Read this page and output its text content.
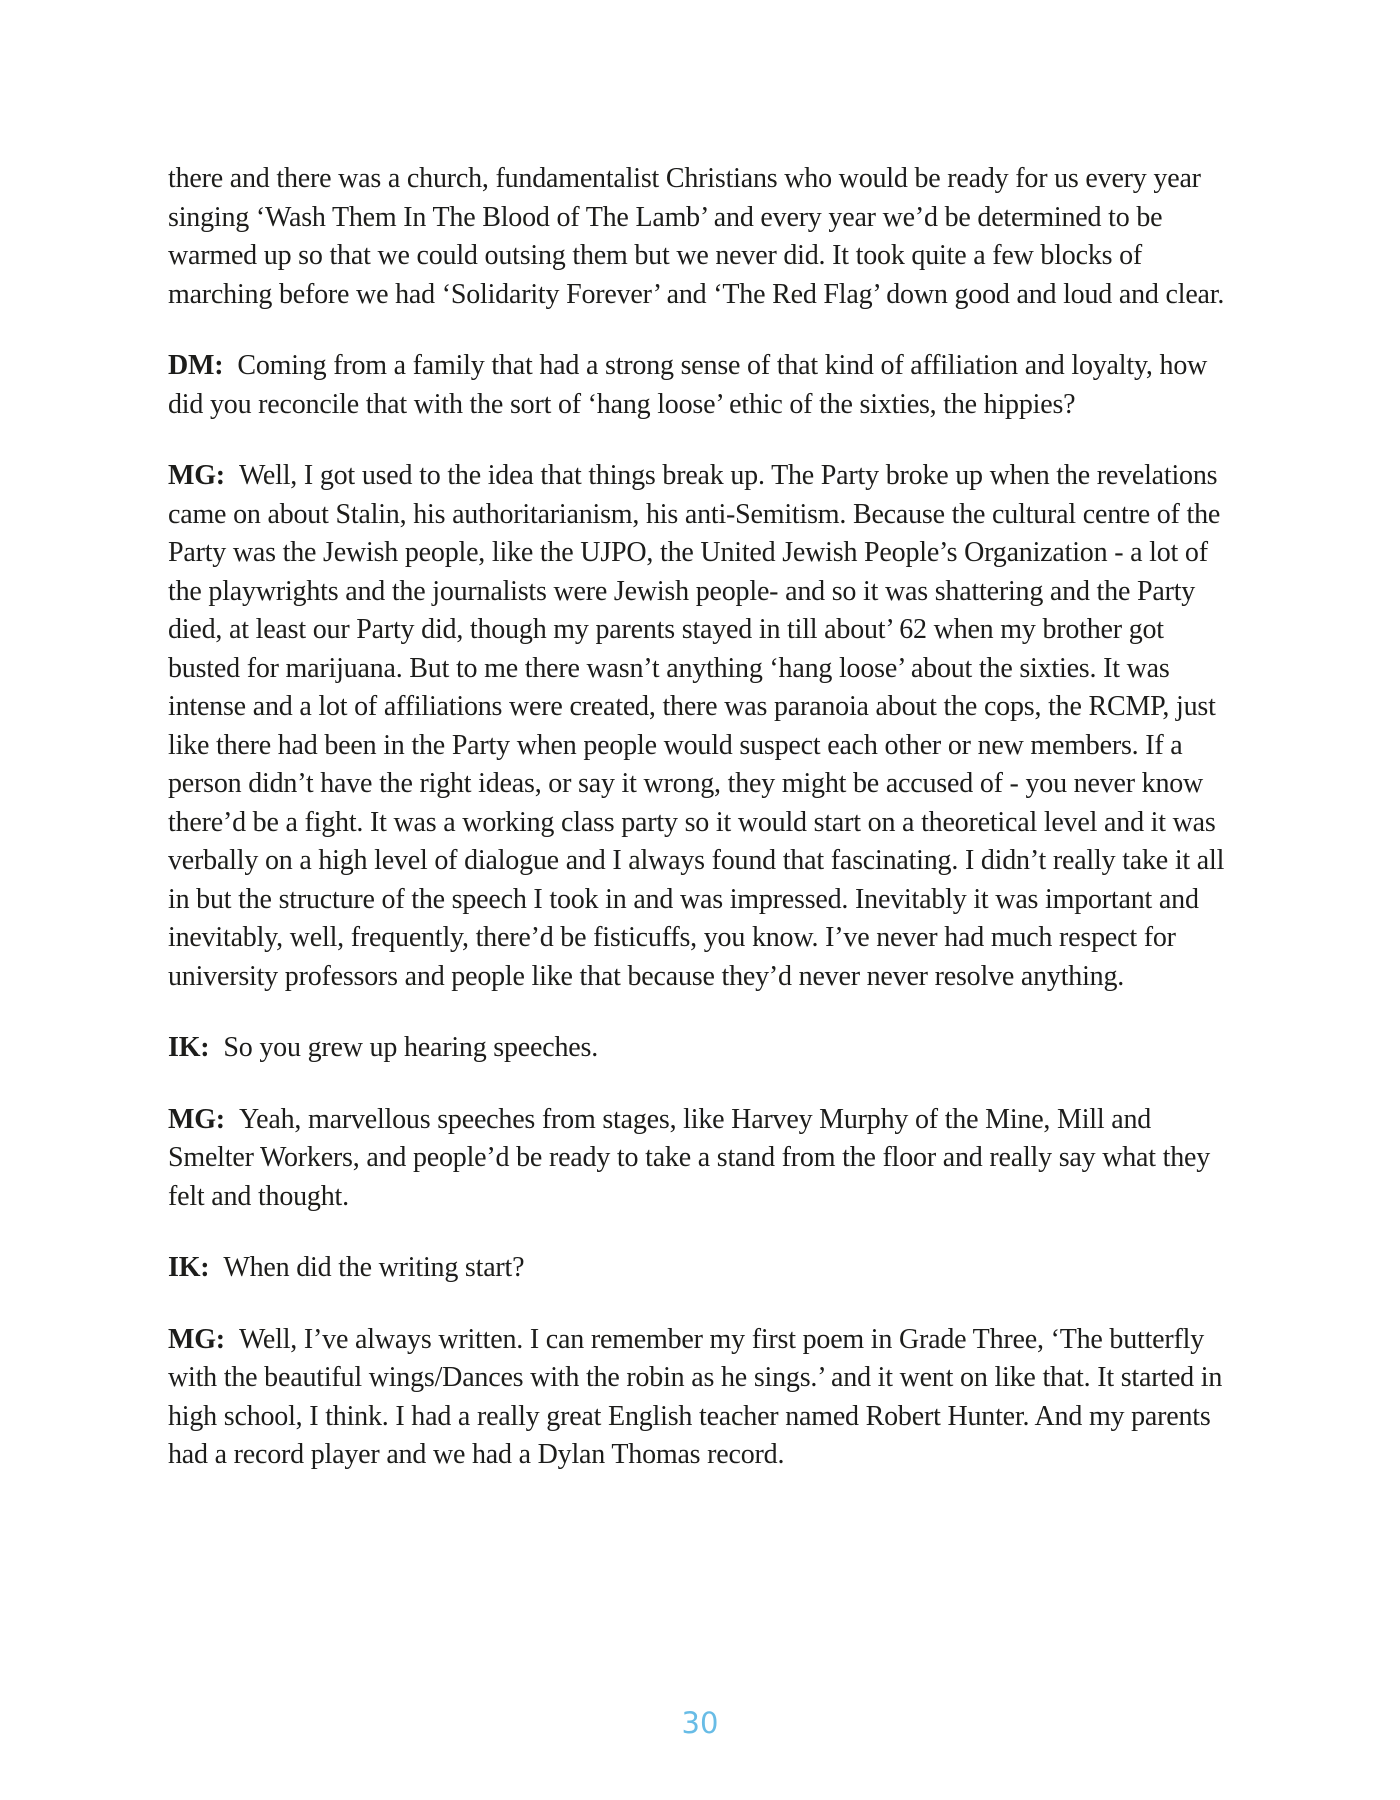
there and there was a church, fundamentalist Christians who would be ready for us every year singing ‘Wash Them In The Blood of The Lamb’ and every year we’d be determined to be warmed up so that we could outsing them but we never did. It took quite a few blocks of marching before we had ‘Solidarity Forever’ and ‘The Red Flag’ down good and loud and clear.

DM: Coming from a family that had a strong sense of that kind of affiliation and loyalty, how did you reconcile that with the sort of ‘hang loose’ ethic of the sixties, the hippies?

MG: Well, I got used to the idea that things break up. The Party broke up when the revelations came on about Stalin, his authoritarianism, his anti-Semitism. Because the cultural centre of the Party was the Jewish people, like the UJPO, the United Jewish People’s Organization - a lot of the playwrights and the journalists were Jewish people- and so it was shattering and the Party died, at least our Party did, though my parents stayed in till about’ 62 when my brother got busted for marijuana. But to me there wasn’t anything ‘hang loose’ about the sixties. It was intense and a lot of affiliations were created, there was paranoia about the cops, the RCMP, just like there had been in the Party when people would suspect each other or new members. If a person didn’t have the right ideas, or say it wrong, they might be accused of - you never know there’d be a fight. It was a working class party so it would start on a theoretical level and it was verbally on a high level of dialogue and I always found that fascinating. I didn’t really take it all in but the structure of the speech I took in and was impressed. Inevitably it was important and inevitably, well, frequently, there’d be fisticuffs, you know. I’ve never had much respect for university professors and people like that because they’d never never resolve anything.

IK: So you grew up hearing speeches.

MG: Yeah, marvellous speeches from stages, like Harvey Murphy of the Mine, Mill and Smelter Workers, and people’d be ready to take a stand from the floor and really say what they felt and thought.

IK: When did the writing start?

MG: Well, I’ve always written. I can remember my first poem in Grade Three, ‘The butterfly with the beautiful wings/Dances with the robin as he sings.’ and it went on like that. It started in high school, I think. I had a really great English teacher named Robert Hunter. And my parents had a record player and we had a Dylan Thomas record.

30
